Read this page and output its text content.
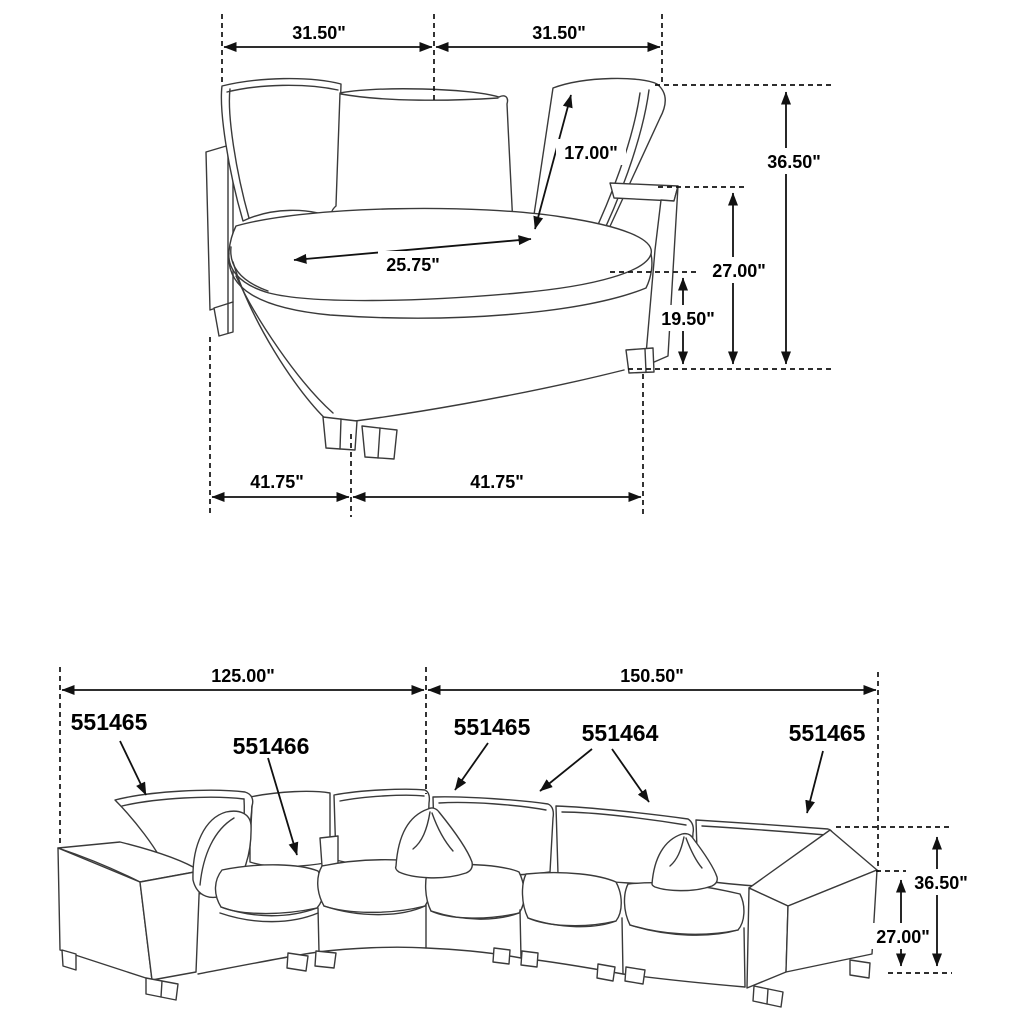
31.50"	31.50"
17.00"	36.50"
27.00"
19.50"
25.75"
41.75"	41.75"
125.00"	150.50"
36.50"
27.00"
551465
551466
551465 551464	551465
